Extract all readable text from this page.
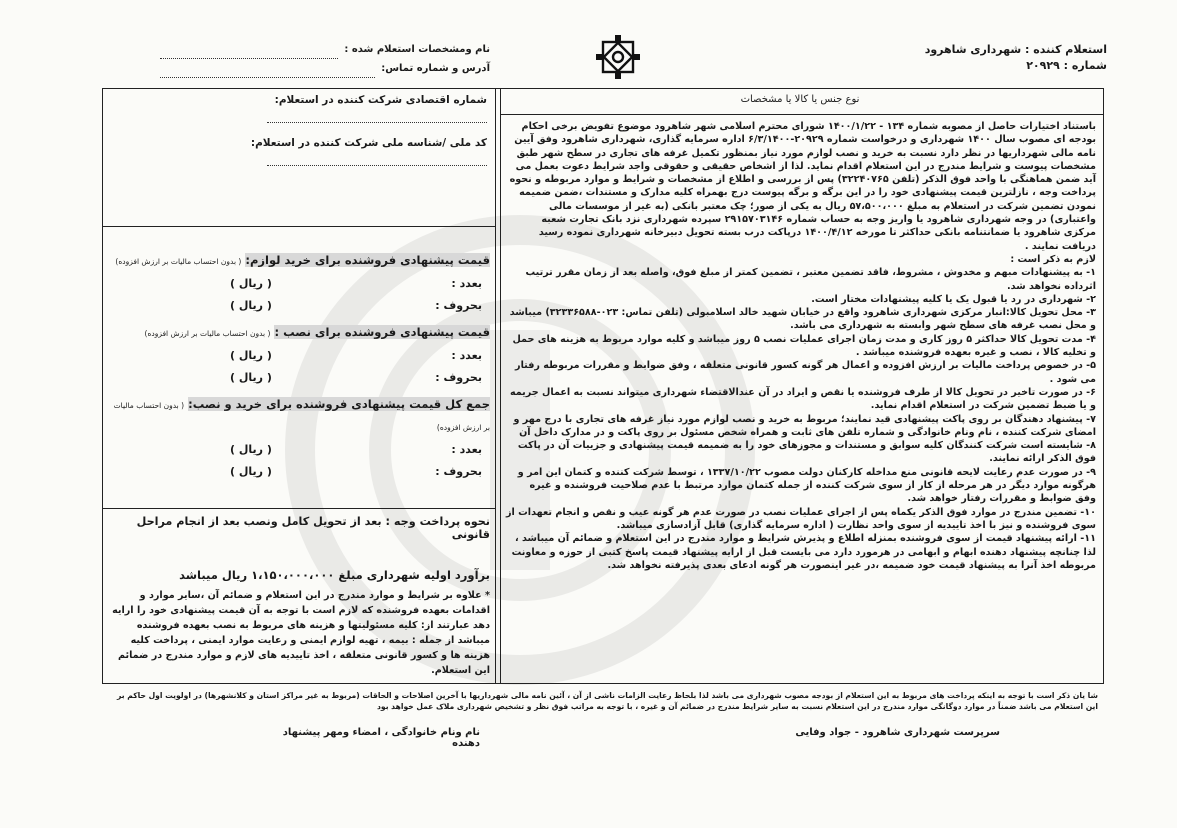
استعلام کننده : شهرداری شاهرود
شماره : ۲۰۹۲۹
نام ومشخصات استعلام شده :
آدرس و شماره تماس:
نوع جنس یا کالا یا مشخصات

باستناد اختیارات حاصل از مصوبه شماره ۱۳۴ - ۱۴۰۰/۱/۲۲ شورای محترم اسلامی شهر شاهرود موضوع تفویض برخی احکام بودجه ای مصوب سال ۱۴۰۰ شهرداری و درخواست شماره ۲۰۹۲۹-۶/۳/۱۴۰۰ اداره سرمایه گذاری، شهرداری شاهرود وفق آیین نامه مالی شهرداریها در نظر دارد نسبت به خرید و نصب لوازم مورد نیاز بمنظور تکمیل غرفه های تجاری در سطح شهر طبق مشخصات پیوست و شرایط مندرج در این استعلام اقدام نماید. لذا از اشخاص حقیقی و حقوقی واجد شرایط دعوت بعمل می آید ضمن هماهنگی با واحد فوق الذکر (تلفن ۳۲۲۴۰۷۶۵) پس از بررسی و اطلاع از مشخصات و شرایط و موارد مربوطه و نحوه پرداخت وجه ، نازلترین قیمت پیشنهادی خود را در این برگه و برگه پیوست درج بهمراه کلیه مدارک و مستندات ،ضمن ضمیمه نمودن تضمین شرکت در استعلام به مبلغ ۵۷،۵۰۰،۰۰۰ ریال به یکی از صور؛ چک معتبر بانکی (به غیر از موسسات مالی واعتباری) در وجه شهرداری شاهرود یا واریز وجه به حساب شماره ۲۹۱۵۷۰۳۱۴۶ سپرده شهرداری نزد بانک تجارت شعبه مرکزی شاهرود یا ضمانتنامه بانکی حداکثر تا مورخه ۱۴۰۰/۴/۱۲ درپاکت درب بسته تحویل دبیرخانه شهرداری نموده رسید دریافت نمایند .

لازم به ذکر است :

۱- به پیشنهادات مبهم و مخدوش ، مشروط، فاقد تضمین معتبر ، تضمین کمتر از مبلغ فوق، واصله بعد از زمان مقرر ترتیب اثرداده نخواهد شد.

۲- شهرداری در رد یا قبول یک یا کلیه پیشنهادات مختار است.

۳- محل تحویل کالا:انبار مرکزی شهرداری شاهرود واقع در خیابان شهید خالد اسلامبولی (تلفن تماس: ۰۲۳-۳۲۳۳۶۵۸۸) میباشد و محل نصب غرفه های سطح شهر وابسته به شهرداری می باشد.

۴- مدت تحویل کالا حداکثر ۵ روز کاری و مدت زمان اجرای عملیات نصب ۵ روز میباشد و کلیه موارد مربوط به هزینه های حمل و تخلیه کالا ، نصب و غیره بعهده فروشنده میباشد .

۵- در خصوص پرداخت مالیات بر ارزش افزوده و اعمال هر گونه کسور قانونی متعلقه ، وفق ضوابط و مقررات مربوطه رفتار می شود .

۶- در صورت تاخیر در تحویل کالا از طرف فروشنده یا نقص و ایراد در آن عندالاقتضاء شهرداری میتواند نسبت به اعمال جریمه و یا ضبط تضمین شرکت در استعلام اقدام نماید.

۷- پیشنهاد دهندگان بر روی پاکت پیشنهادی قید نمایند؛ مربوط به خرید و نصب لوازم مورد نیاز غرفه های تجاری با درج مهر و امضای شرکت کننده ، نام ونام خانوادگی و شماره تلفن های ثابت و همراه شخص مسئول بر روی پاکت و در مدارک داخل آن

۸- شایسته است شرکت کنندگان کلیه سوابق و مستندات و مجوزهای خود را به ضمیمه قیمت پیشنهادی و جزییات آن در پاکت فوق الذکر ارائه نمایند.

۹- در صورت عدم رعایت لایحه قانونی منع مداخله کارکنان دولت مصوب ۱۳۳۷/۱۰/۲۲ ، توسط شرکت کننده و کتمان این امر و هرگونه موارد دیگر در هر مرحله از کار از سوی شرکت کننده از جمله کتمان موارد مرتبط با عدم صلاحیت فروشنده و غیره وفق ضوابط و مقررات رفتار خواهد شد.

۱۰- تضمین مندرج در موارد فوق الذکر یکماه پس از اجرای عملیات نصب در صورت عدم هر گونه عیب و نقص و انجام تعهدات از سوی فروشنده و نیز با اخذ تاییدیه از سوی واحد نظارت ( اداره سرمایه گذاری) قابل آزادسازی میباشد.

۱۱- ارائه پیشنهاد قیمت از سوی فروشنده بمنزله اطلاع و پذیرش شرایط و موارد مندرج در این استعلام و ضمائم آن میباشد ، لذا چنانچه پیشنهاد دهنده ابهام و ابهامی در هرمورد دارد می بایست قبل از ارایه پیشنهاد قیمت پاسخ کتبی از حوزه و معاونت مربوطه اخذ آنرا به پیشنهاد قیمت خود ضمیمه ،در غیر اینصورت هر گونه ادعای بعدی پذیرفته نخواهد شد.

شماره اقتصادی شرکت کننده در استعلام:
کد ملی /شناسه ملی شرکت کننده در استعلام:
قیمت پیشنهادی فروشنده برای خرید لوازم: ( بدون احتساب مالیات بر ارزش افزوده)
بعدد :
( ریال )
بحروف :
( ریال )
قیمت پیشنهادی فروشنده برای نصب : ( بدون احتساب مالیات بر ارزش افزوده)
بعدد :
( ریال )
بحروف :
( ریال )
جمع کل قیمت پیشنهادی فروشنده برای خرید و نصب: ( بدون احتساب مالیات بر ارزش افزوده)
بعدد :
( ریال )
بحروف :
( ریال )
نحوه پرداخت وجه : بعد از تحویل کامل ونصب بعد از انجام مراحل قانونی
برآورد اولیه شهرداری مبلغ ۱،۱۵۰،۰۰۰،۰۰۰ ریال میباشد
* علاوه بر شرایط و موارد مندرج در این استعلام و ضمائم آن ،سایر موارد و اقدامات بعهده فروشنده که لازم است با توجه به آن قیمت پیشنهادی خود را ارایه دهد عبارتند از: کلیه مسئولیتها و هزینه های مربوط به نصب بعهده فروشنده میباشد از جمله : بیمه ، تهیه لوازم ایمنی و رعایت موارد ایمنی ، پرداخت کلیه هزینه ها و کسور قانونی متعلقه ، اخذ تاییدیه های لازم و موارد مندرج در ضمائم این استعلام.
شا یان ذکر است با توجه به اینکه پرداخت های مربوط به این استعلام از بودجه مصوب شهرداری می باشد لذا بلحاظ رعایت الزامات ناشی از آن ، آئین نامه مالی شهرداریها با آخرین اصلاحات و الحاقات (مربوط به غیر مراکز استان و کلانشهرها) در اولویت اول حاکم بر این استعلام می باشد ضمناً در موارد دوگانگی موارد مندرج در این استعلام نسبت به سایر شرایط مندرج در ضمائم آن و غیره ، با توجه به مراتب فوق نظر و تشخیص شهرداری ملاک عمل خواهد بود
سرپرست شهرداری شاهرود - جواد وفایی
نام ونام خانوادگی ، امضاء ومهر پیشنهاد دهنده
